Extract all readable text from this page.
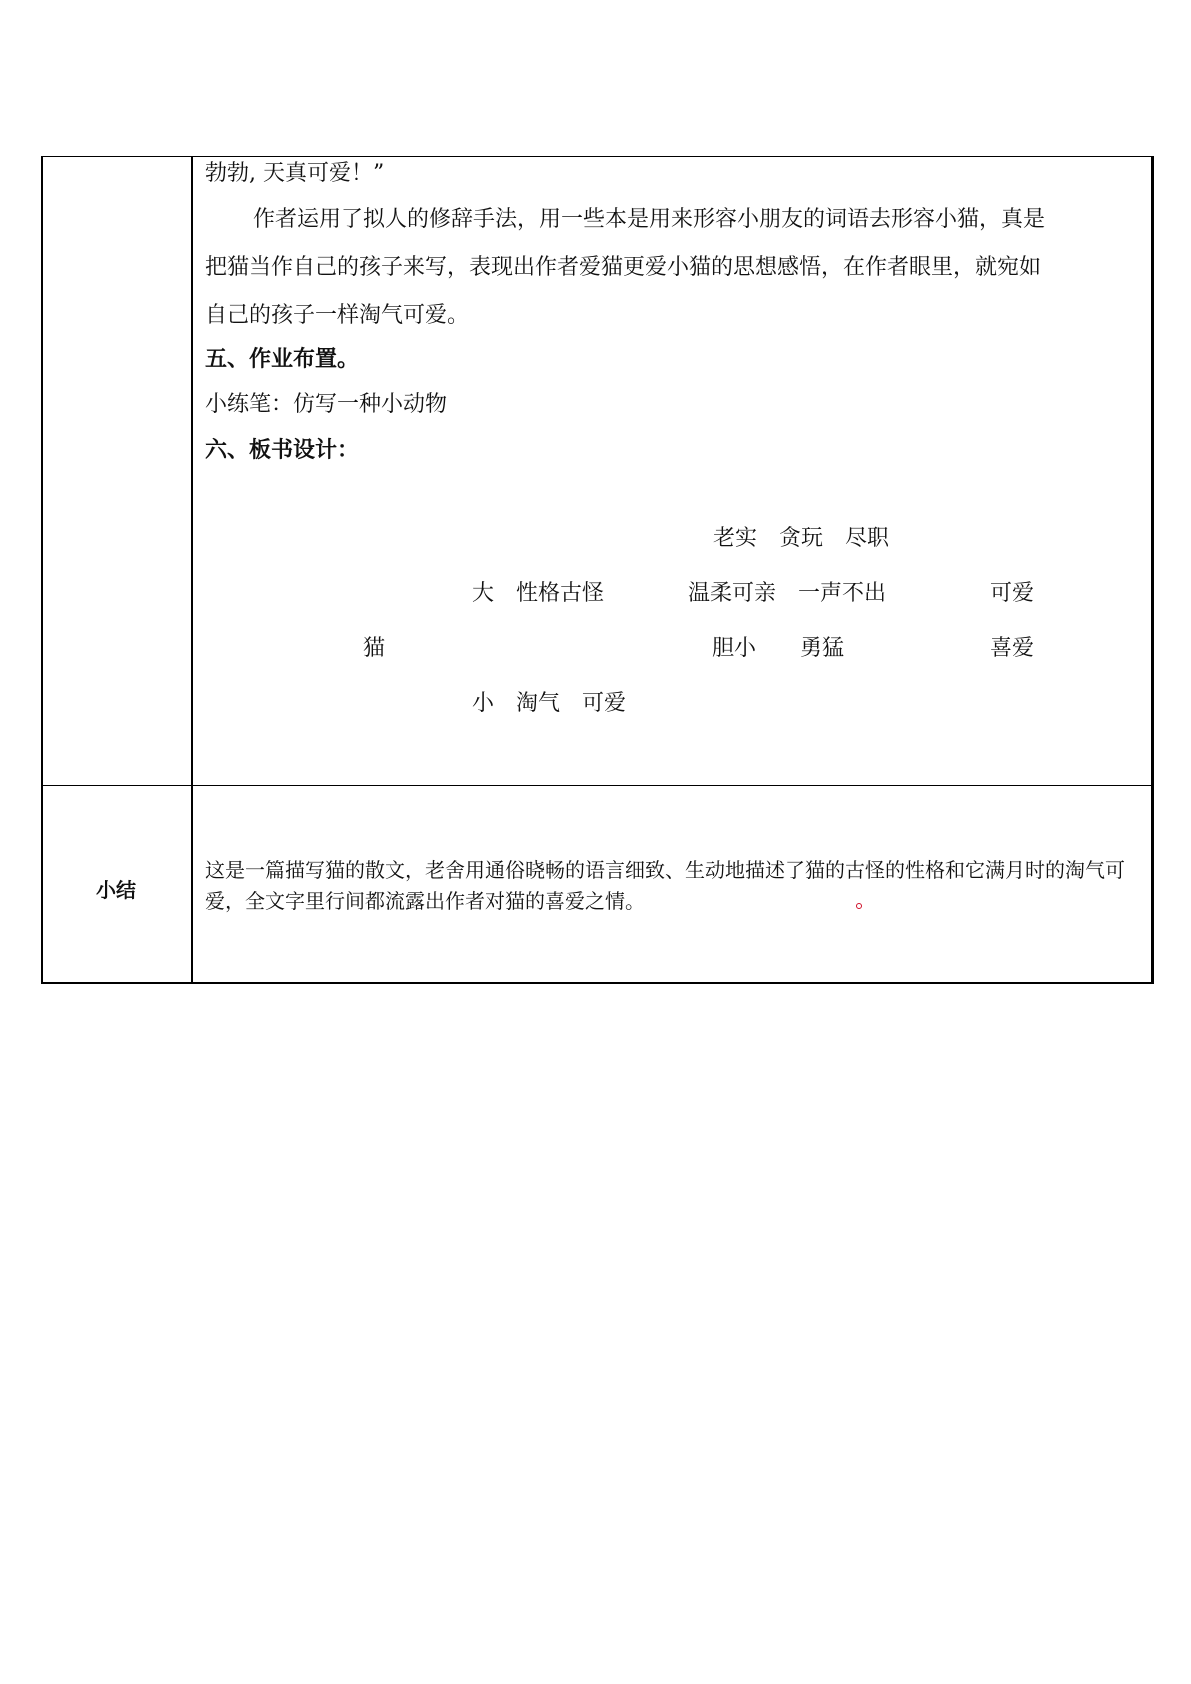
勃勃, 天真可爱！”
作者运用了拟人的修辞手法，用一些本是用来形容小朋友的词语去形容小猫，真是
把猫当作自己的孩子来写，表现出作者爱猫更爱小猫的思想感悟，在作者眼里，就宛如
自己的孩子一样淘气可爱。
五、作业布置。
小练笔：仿写一种小动物
六、板书设计：
老实　贪玩　尽职
大　性格古怪	温柔可亲　一声不出	可爱
猫	胆小　　勇猛	喜爱
小　淘气　可爱
小结
这是一篇描写猫的散文，老舍用通俗晓畅的语言细致、生动地描述了猫的古怪的性格和它满月时的淘气可爱，全文字里行间都流露出作者对猫的喜爱之情。
